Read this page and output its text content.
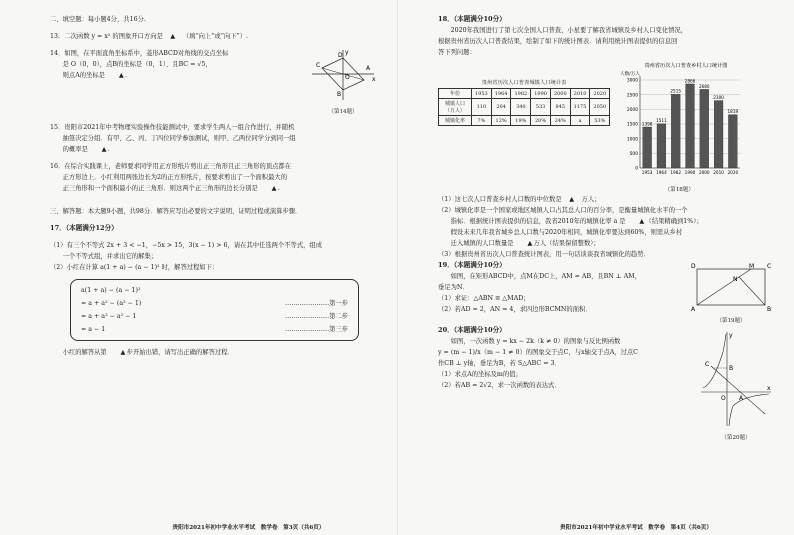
二、填空题：每小题4分，共16分.

13．二次函数 y = x² 的图象开口方向是 ▲ （填“向上”或“向下”）.

14．如图，在平面直角坐标系中，菱形ABCD对角线的交点坐标

是 O（0，0），点B的坐标是（0，1），且BC = √5，

则点A的坐标是 ▲.

C
D
A
B
O	x
y
（第14题）

15．贵阳市2021年中考物理实验操作技能测试中，要求学生两人一组合作进行，并随机

抽签决定分组．有甲、乙、丙、丁四位同学参加测试，则甲、乙两位同学分到同一组

的概率是 ▲.

16．在综合实践课上，老师要求同学用正方形纸片剪出正三角形且正三角形的顶点都在

正方形边上．小红利用两张边长为2的正方形纸片，按要求剪出了一个面积最大的

正三角形和一个面积最小的正三角形．则这两个正三角形的边长分别是 ▲.

三、解答题：本大题9小题，共98分．解答应写出必要的文字说明、证明过程或演算步骤．

17．（本题满分12分）

（1）有三个不等式 2x + 3 < −1，−5x > 15，3(x − 1) > 6，请在其中任选两个不等式，组成

一个不等式组，并求出它的解集；

（2）小红在计算 a(1 + a) − (a − 1)² 时，解答过程如下：

a(1 + a) − (a − 1)²
= a + a² − (a² − 1)	…………………第一步
= a + a² − a² − 1	…………………第二步
= a − 1	…………………第三步

小红的解答从第 ▲步开始出错，请写出正确的解答过程．

贵阳市2021年初中学业水平考试　数学卷　第3页（共6页）

18．（本题满分10分）

2020年我国进行了第七次全国人口普查，小星要了解我省城镇及乡村人口变化情况，

根据贵州省历次人口普查结果，绘制了如下的统计图表．请利用统计图表提供的信息回

答下列问题：

贵州省历次人口普查城镇人口统计表
年份	1953	1964	1982	1990	2000	2010	2020
城镇人口（万人）	110	204	340	533	845	1175	2050
城镇化率	7%	12%	19%	20%	24%	a	53%
贵州省历次人口普查乡村人口统计图
人数/万人
0
500
1000
1500
2000
2500
3000
1398
1953
1511
1964
2515
1982
2866
1990
2680
2000
2300
2010
1819
2020
（第18题）

（1）这七次人口普查乡村人口数的中位数是 ▲ 万人；

（2）城镇化率是一个国家或地区城镇人口占其总人口的百分率，是衡量城镇化水平的一个

指标．根据统计图表提供的信息，我省2010年的城镇化率 a 是 ▲（结果精确到1%）；

假设未来几年我省城乡总人口数与2020年相同，城镇化率要达到60%，则需从乡村

迁入城镇的人口数量是 ▲万人（结果保留整数）；

（3）根据贵州省历次人口普查统计图表，用一句话谈谈我省城镇化的趋势．

19．（本题满分10分）

如图，在矩形ABCD中，点M在DC上，AM = AB，且BN ⊥ AM，

垂足为N．

（1）求证：△ABN ≌ △MAD；

（2）若AD = 2，AN = 4，求四边形BCMN的面积．

D	M C
N
A	B
（第19题）

20．（本题满分10分）

如图，一次函数 y = kx − 2k（k ≠ 0）的图象与反比例函数

y = (m − 1)/x（m − 1 ≠ 0）的图象交于点C，与x轴交于点A，过点C

作CB ⊥ y轴，垂足为B，若 S△ABC = 3．

（1）求点A的坐标及m的值；

（2）若AB = 2√2，求一次函数的表达式．

C
B
O A
x
y
（第20题）
贵阳市2021年初中学业水平考试　数学卷　第4页（共6页）
